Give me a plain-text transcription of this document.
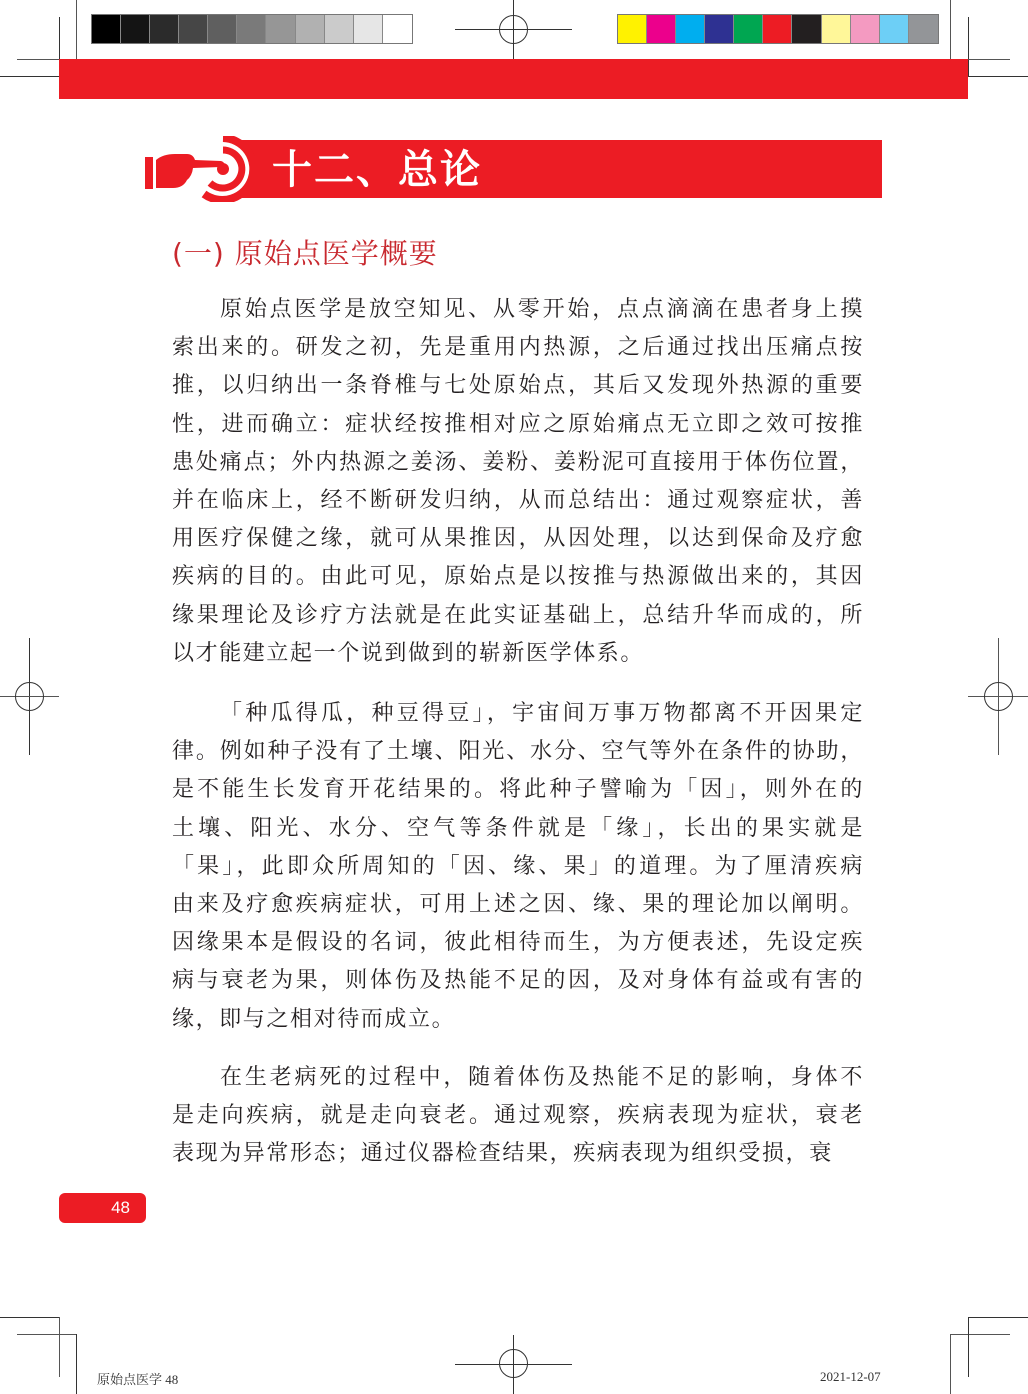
十二、总论
(一) 原始点医学概要
原始点医学是放空知见、从零开始，点点滴滴在患者身上摸
索出来的。研发之初，先是重用内热源，之后通过找出压痛点按
推，以归纳出一条脊椎与七处原始点，其后又发现外热源的重要
性，进而确立：症状经按推相对应之原始痛点无立即之效可按推
患处痛点；外内热源之姜汤、姜粉、姜粉泥可直接用于体伤位置，
并在临床上，经不断研发归纳，从而总结出：通过观察症状，善
用医疗保健之缘，就可从果推因，从因处理，以达到保命及疗愈
疾病的目的。由此可见，原始点是以按推与热源做出来的，其因
缘果理论及诊疗方法就是在此实证基础上，总结升华而成的，所
以才能建立起一个说到做到的崭新医学体系。
「种瓜得瓜，种豆得豆」，宇宙间万事万物都离不开因果定
律。例如种子没有了土壤、阳光、水分、空气等外在条件的协助，
是不能生长发育开花结果的。将此种子譬喻为「因」，则外在的
土壤、阳光、水分、空气等条件就是「缘」，长出的果实就是
「果」，此即众所周知的「因、缘、果」的道理。为了厘清疾病
由来及疗愈疾病症状，可用上述之因、缘、果的理论加以阐明。
因缘果本是假设的名词，彼此相待而生，为方便表述，先设定疾
病与衰老为果，则体伤及热能不足的因，及对身体有益或有害的
缘，即与之相对待而成立。
在生老病死的过程中，随着体伤及热能不足的影响，身体不
是走向疾病，就是走向衰老。通过观察，疾病表现为症状，衰老
表现为异常形态；通过仪器检查结果，疾病表现为组织受损，衰
48
原始点医学 48	2021-12-07
